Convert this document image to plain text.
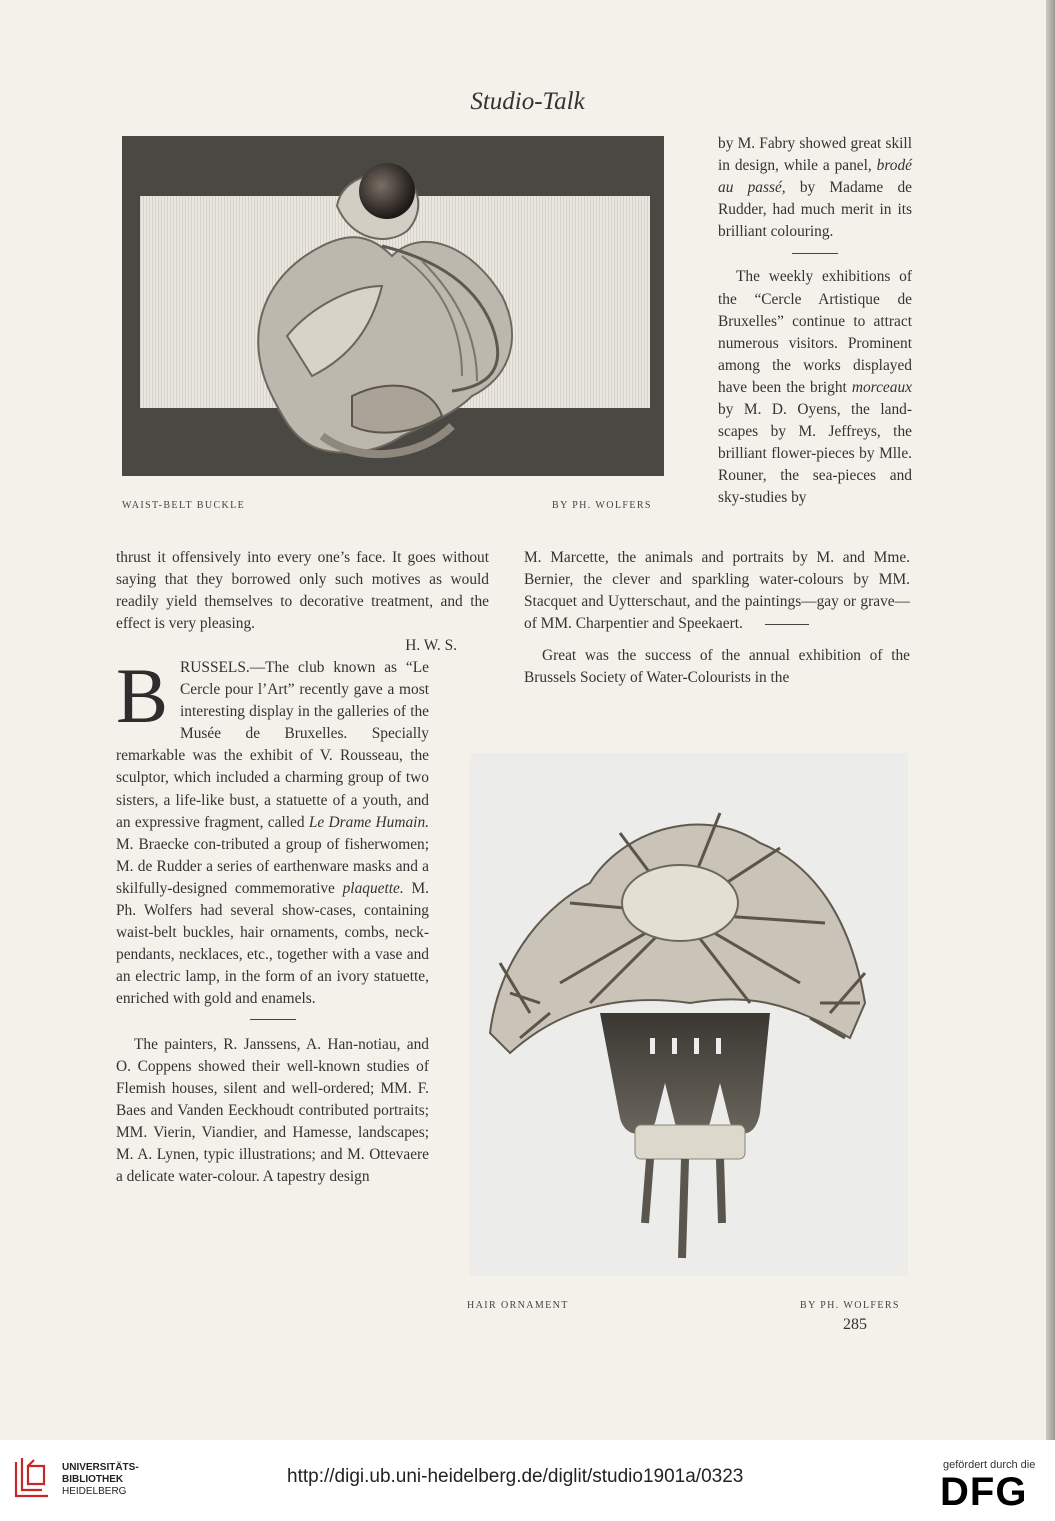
Studio-Talk
WAIST-BELT BUCKLE	BY PH. WOLFERS

by M. Fabry showed great skill in design, while a panel, brodé au passé, by Madame de Rudder, had much merit in its brilliant colouring.

The weekly exhibitions of the “Cercle Artistique de Bruxelles” continue to attract numerous visitors. Prominent among the works displayed have been the bright morceaux by M. D. Oyens, the land-scapes by M. Jeffreys, the brilliant flower-pieces by Mlle. Rouner, the sea-pieces and sky-studies by

thrust it offensively into every one’s face. It goes without saying that they borrowed only such motives as would readily yield themselves to decorative treatment, and the effect is very pleasing.

H. W. S.

M. Marcette, the animals and portraits by M. and Mme. Bernier, the clever and sparkling water-colours by MM. Stacquet and Uytterschaut, and the paintings—gay or grave—of MM. Charpentier and Speekaert.

Great was the success of the annual exhibition of the Brussels Society of Water-Colourists in the

BRUSSELS.—The club known as “Le Cercle pour l’Art” recently gave a most interesting display in the galleries of the Musée de Bruxelles. Specially remarkable was the exhibit of V. Rousseau, the sculptor, which included a charming group of two sisters, a life-like bust, a statuette of a youth, and an expressive fragment, called Le Drame Humain. M. Braecke con-tributed a group of fisherwomen; M. de Rudder a series of earthenware masks and a skilfully-designed commemorative plaquette. M. Ph. Wolfers had several show-cases, containing waist-belt buckles, hair ornaments, combs, neck-pendants, necklaces, etc., together with a vase and an electric lamp, in the form of an ivory statuette, enriched with gold and enamels.

The painters, R. Janssens, A. Han-notiau, and O. Coppens showed their well-known studies of Flemish houses, silent and well-ordered; MM. F. Baes and Vanden Eeckhoudt contributed portraits; MM. Vierin, Viandier, and Hamesse, landscapes; M. A. Lynen, typic illustrations; and M. Ottevaere a delicate water-colour. A tapestry design

HAIR ORNAMENT	BY PH. WOLFERS
285
UNIVERSITÄTS-
BIBLIOTHEK
HEIDELBERG
http://digi.ub.uni-heidelberg.de/diglit/studio1901a/0323
gefördert durch die
DFG
